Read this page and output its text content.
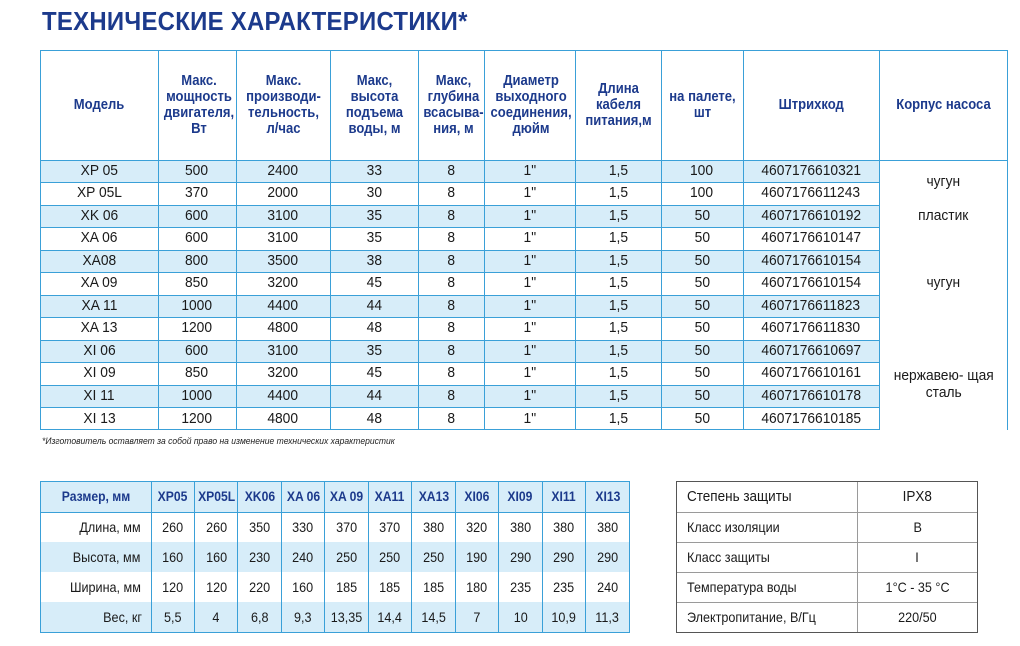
ТЕХНИЧЕСКИЕ ХАРАКТЕРИСТИКИ*
Модель	Макс. мощность двигателя, Вт	Макс. производи- тельность, л/час	Макс, высота подъема воды, м	Макс, глубина всасыва- ния, м	Диаметр выходного соединения, дюйм	Длина кабеля питания,м	на палете, шт	Штрихкод	Корпус насоса
XP 05	500	2400	33	8	1"	1,5	100	4607176610321	чугун
XP 05L	370	2000	30	8	1"	1,5	100	4607176611243	
XK 06	600	3100	35	8	1"	1,5	50	4607176610192	пластик
XA 06	600	3100	35	8	1"	1,5	50	4607176610147	чугун
XA08	800	3500	38	8	1"	1,5	50	4607176610154	
XA 09	850	3200	45	8	1"	1,5	50	4607176610154	
XA 11	1000	4400	44	8	1"	1,5	50	4607176611823	
XA 13	1200	4800	48	8	1"	1,5	50	4607176611830	
XI 06	600	3100	35	8	1"	1,5	50	4607176610697	нержавею- щая сталь
XI 09	850	3200	45	8	1"	1,5	50	4607176610161	
XI 11	1000	4400	44	8	1"	1,5	50	4607176610178	
XI 13	1200	4800	48	8	1"	1,5	50	4607176610185	
*Изготовитель оставляет за собой право на изменение технических характеристик
Размер, мм	XP05	XP05L	XK06	XA 06	XA 09	XA11	XA13	XI06	XI09	XI11	XI13
Длина, мм	260	260	350	330	370	370	380	320	380	380	380
Высота, мм	160	160	230	240	250	250	250	190	290	290	290
Ширина, мм	120	120	220	160	185	185	185	180	235	235	240
Вес, кг	5,5	4	6,8	9,3	13,35	14,4	14,5	7	10	10,9	11,3
Степень защиты	IPX8
Класс изоляции	B
Класс защиты	I
Температура воды	1°C - 35 °C
Электропитание, В/Гц	220/50
